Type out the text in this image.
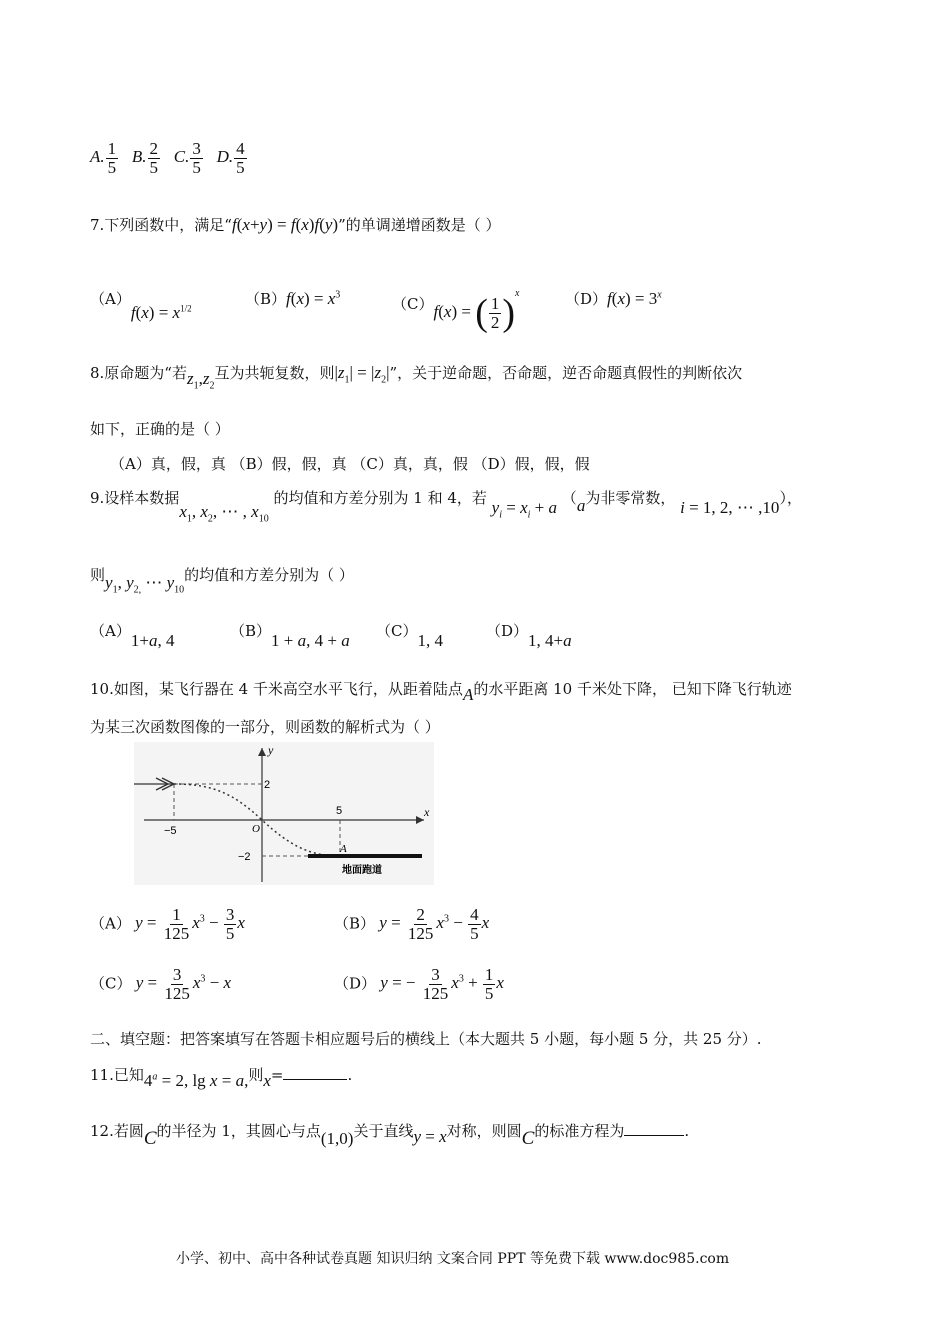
A. $\frac{1}{5} B$. $\frac{2}{5} C$. $\frac{3}{5} D$. $\frac{4}{5}$
7.下列函数中，满足“f(x+y) = f(x)f(y)”的单调递增函数是（ ）
$(A)f(x) = x^{1/2}$
$(B)f(x) = x^3$
（C）f(x) = ( $\frac{1}{2} )^x$	$(D)f(x) = 3^x$
8.原命题为“若$z_1,z_2$互为共轭复数，则$|z_1| = |z_2|$”，关于逆命题，否命题，逆否命题真假性的判断依次
如下，正确的是（ ）
（A）真，假，真 （B）假，假，真 （C）真，真，假 （D）假，假，假
9.设样本数据$x_1$, $x_2$, ⋯ , $x_{10}$ 的均值和方差分别为 1 和 4，若 $y_i = x_i + a$ （a为非零常数， i = 1, 2, ⋯ ,10），
则$y_1$, $y_{2,}$ ⋯ $y_{10}$的均值和方差分别为（ ）
（A）1+a, 4	（B）1 + a, 4 + a （C）1, 4	（D）1, 4+a
10.如图，某飞行器在 4 千米高空水平飞行，从距着陆点A的水平距离 10 千米处下降， 已知下降飞行轨迹
为某三次函数图像的一部分，则函数的解析式为（ ）
y
x
2
−2
5
−5	O
A
地面跑道
（A） $y = \frac{1}{125} x^3 - \frac{3}{5}$ x	（B） $y = \frac{2}{125} x^3 - \frac{4}{5}$ x
（C） $y = \frac{3}{125} x^3 - x$	（D） y = − $\frac{3}{125} x^3 + \frac{1}{5}$ x
二、填空题：把答案填写在答题卡相应题号后的横线上（本大题共 5 小题，每小题 5 分，共 25 分）.
11.已知$4^a = 2$, lg x = a,则x=	.
12.若圆C的半径为 1，其圆心与点(1,0)关于直线y = x对称，则圆C的标准方程为	.
小学、初中、高中各种试卷真题 知识归纳 文案合同 PPT 等免费下载 www.doc985.com
